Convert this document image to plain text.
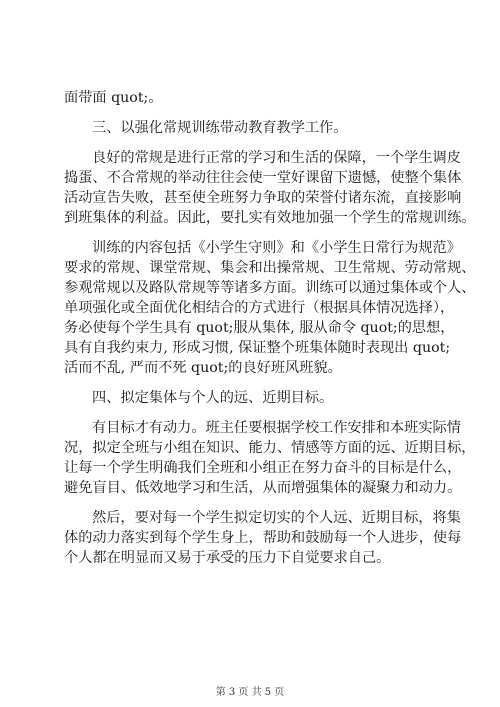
面带面 quot;。
三、以强化常规训练带动教育教学工作。
良好的常规是进行正常的学习和生活的保障，一个学生调皮
捣蛋、不合常规的举动往往会使一堂好课留下遗憾，使整个集体
活动宣告失败，甚至使全班努力争取的荣誉付诸东流，直接影响
到班集体的利益。因此，要扎实有效地加强一个学生的常规训练。
训练的内容包括《小学生守则》和《小学生日常行为规范》
要求的常规、课堂常规、集会和出操常规、卫生常规、劳动常规、
参观常规以及路队常规等等诸多方面。训练可以通过集体或个人、
单项强化或全面优化相结合的方式进行（根据具体情况选择），
务必使每个学生具有 quot;服从集体, 服从命令 quot;的思想，
具有自我约束力, 形成习惯, 保证整个班集体随时表现出 quot;
活而不乱, 严而不死 quot;的良好班风班貌。
四、拟定集体与个人的远、近期目标。
有目标才有动力。班主任要根据学校工作安排和本班实际情
况，拟定全班与小组在知识、能力、情感等方面的远、近期目标，
让每一个学生明确我们全班和小组正在努力奋斗的目标是什么，
避免盲目、低效地学习和生活，从而增强集体的凝聚力和动力。
然后，要对每一个学生拟定切实的个人远、近期目标，将集
体的动力落实到每个学生身上，帮助和鼓励每一个人进步，使每
个人都在明显而又易于承受的压力下自觉要求自己。
第 3 页 共 5 页
